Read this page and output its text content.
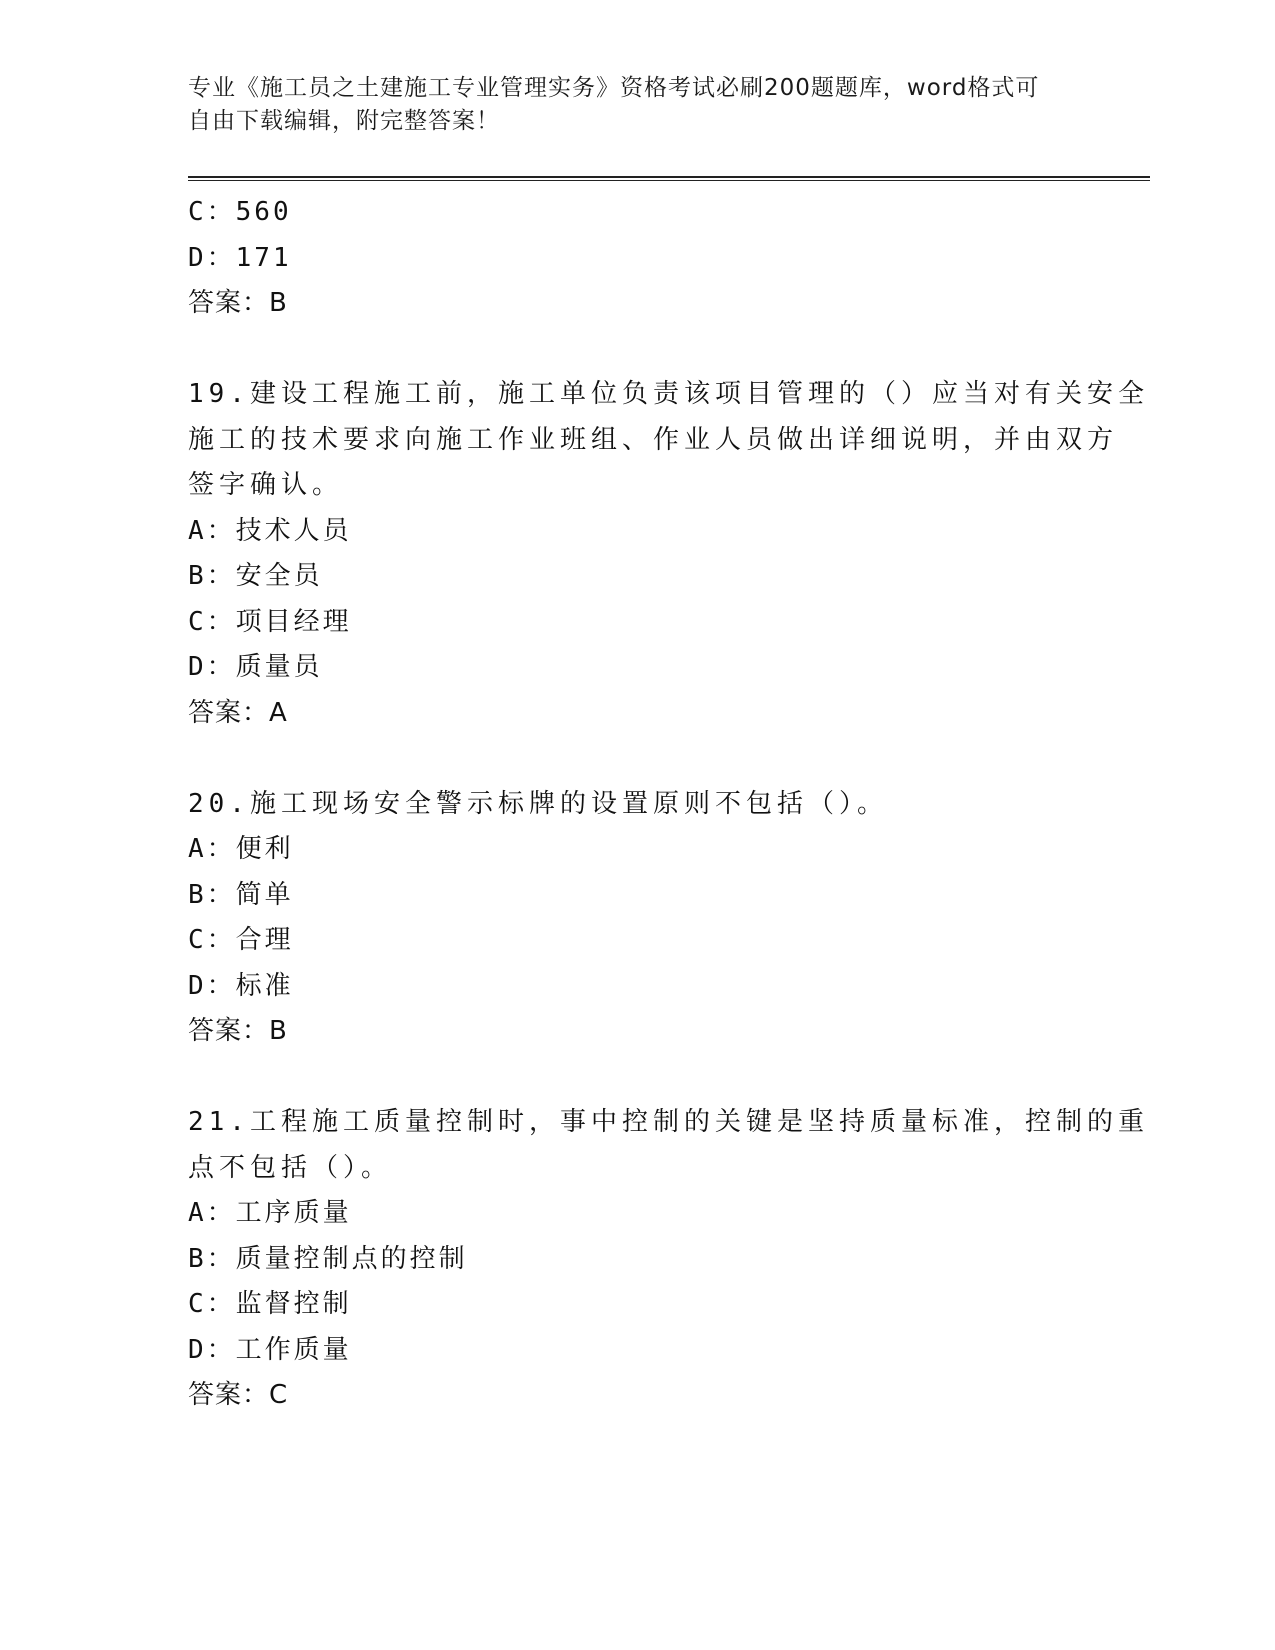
专业《施工员之土建施工专业管理实务》资格考试必刷200题题库，word格式可
自由下载编辑，附完整答案！
C：560
D：171
答案：B
19.建设工程施工前，施工单位负责该项目管理的（）应当对有关安全
施工的技术要求向施工作业班组、作业人员做出详细说明，并由双方
签字确认。
A：技术人员
B：安全员
C：项目经理
D：质量员
答案：A
20.施工现场安全警示标牌的设置原则不包括（）。
A：便利
B：简单
C：合理
D：标准
答案：B
21.工程施工质量控制时，事中控制的关键是坚持质量标准，控制的重
点不包括（）。
A：工序质量
B：质量控制点的控制
C：监督控制
D：工作质量
答案：C
